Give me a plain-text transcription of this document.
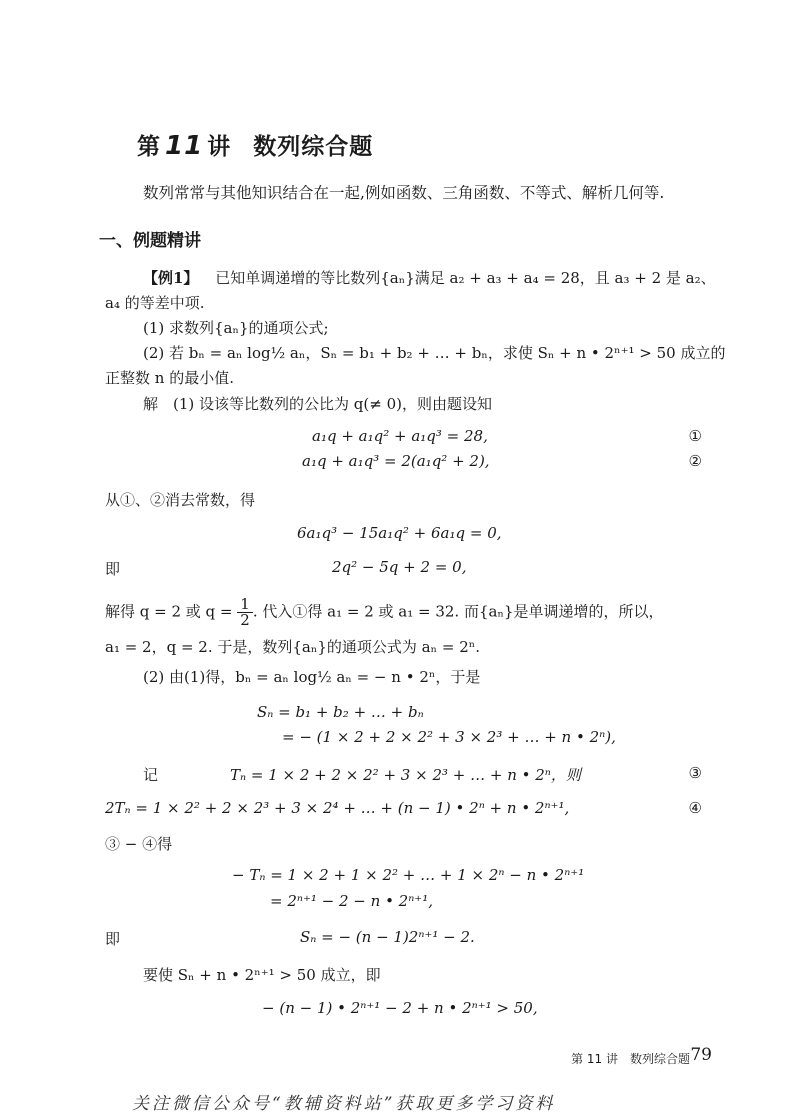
第 11 讲 数列综合题
数列常常与其他知识结合在一起,例如函数、三角函数、不等式、解析几何等.
一、例题精讲
【例1】 已知单调递增的等比数列{aₙ}满足 a₂ + a₃ + a₄ = 28，且 a₃ + 2 是 a₂、
a₄ 的等差中项.
(1) 求数列{aₙ}的通项公式;
(2) 若 bₙ = aₙ log½ aₙ，Sₙ = b₁ + b₂ + … + bₙ，求使 Sₙ + n • 2ⁿ⁺¹ > 50 成立的
正整数 n 的最小值.
解　(1) 设该等比数列的公比为 q(≠ 0)，则由题设知
a₁q + a₁q² + a₁q³ = 28,	①
a₁q + a₁q³ = 2(a₁q² + 2),	②
从①、②消去常数，得
6a₁q³ − 15a₁q² + 6a₁q = 0,
即	2q² − 5q + 2 = 0,
解得 q = 2 或 $q = \frac{1}{2}$ . 代入①得 a₁ = 2 或 a₁ = 32. 而{aₙ}是单调递增的，所以，
a₁ = 2，q = 2. 于是，数列{aₙ}的通项公式为 aₙ = 2ⁿ.
(2) 由(1)得，bₙ = aₙ log½ aₙ = − n • 2ⁿ，于是
Sₙ = b₁ + b₂ + … + bₙ
= − (1 × 2 + 2 × 2² + 3 × 2³ + … + n • 2ⁿ),
记	Tₙ = 1 × 2 + 2 × 2² + 3 × 2³ + … + n • 2ⁿ，则	③
2Tₙ = 1 × 2² + 2 × 2³ + 3 × 2⁴ + … + (n − 1) • 2ⁿ + n • 2ⁿ⁺¹,	④
③ − ④得
− Tₙ = 1 × 2 + 1 × 2² + … + 1 × 2ⁿ − n • 2ⁿ⁺¹
= 2ⁿ⁺¹ − 2 − n • 2ⁿ⁺¹,
即	Sₙ = − (n − 1)2ⁿ⁺¹ − 2.
要使 Sₙ + n • 2ⁿ⁺¹ > 50 成立，即
− (n − 1) • 2ⁿ⁺¹ − 2 + n • 2ⁿ⁺¹ > 50,
第 11 讲　数列综合题 79
关注微信公众号“教辅资料站”获取更多学习资料
